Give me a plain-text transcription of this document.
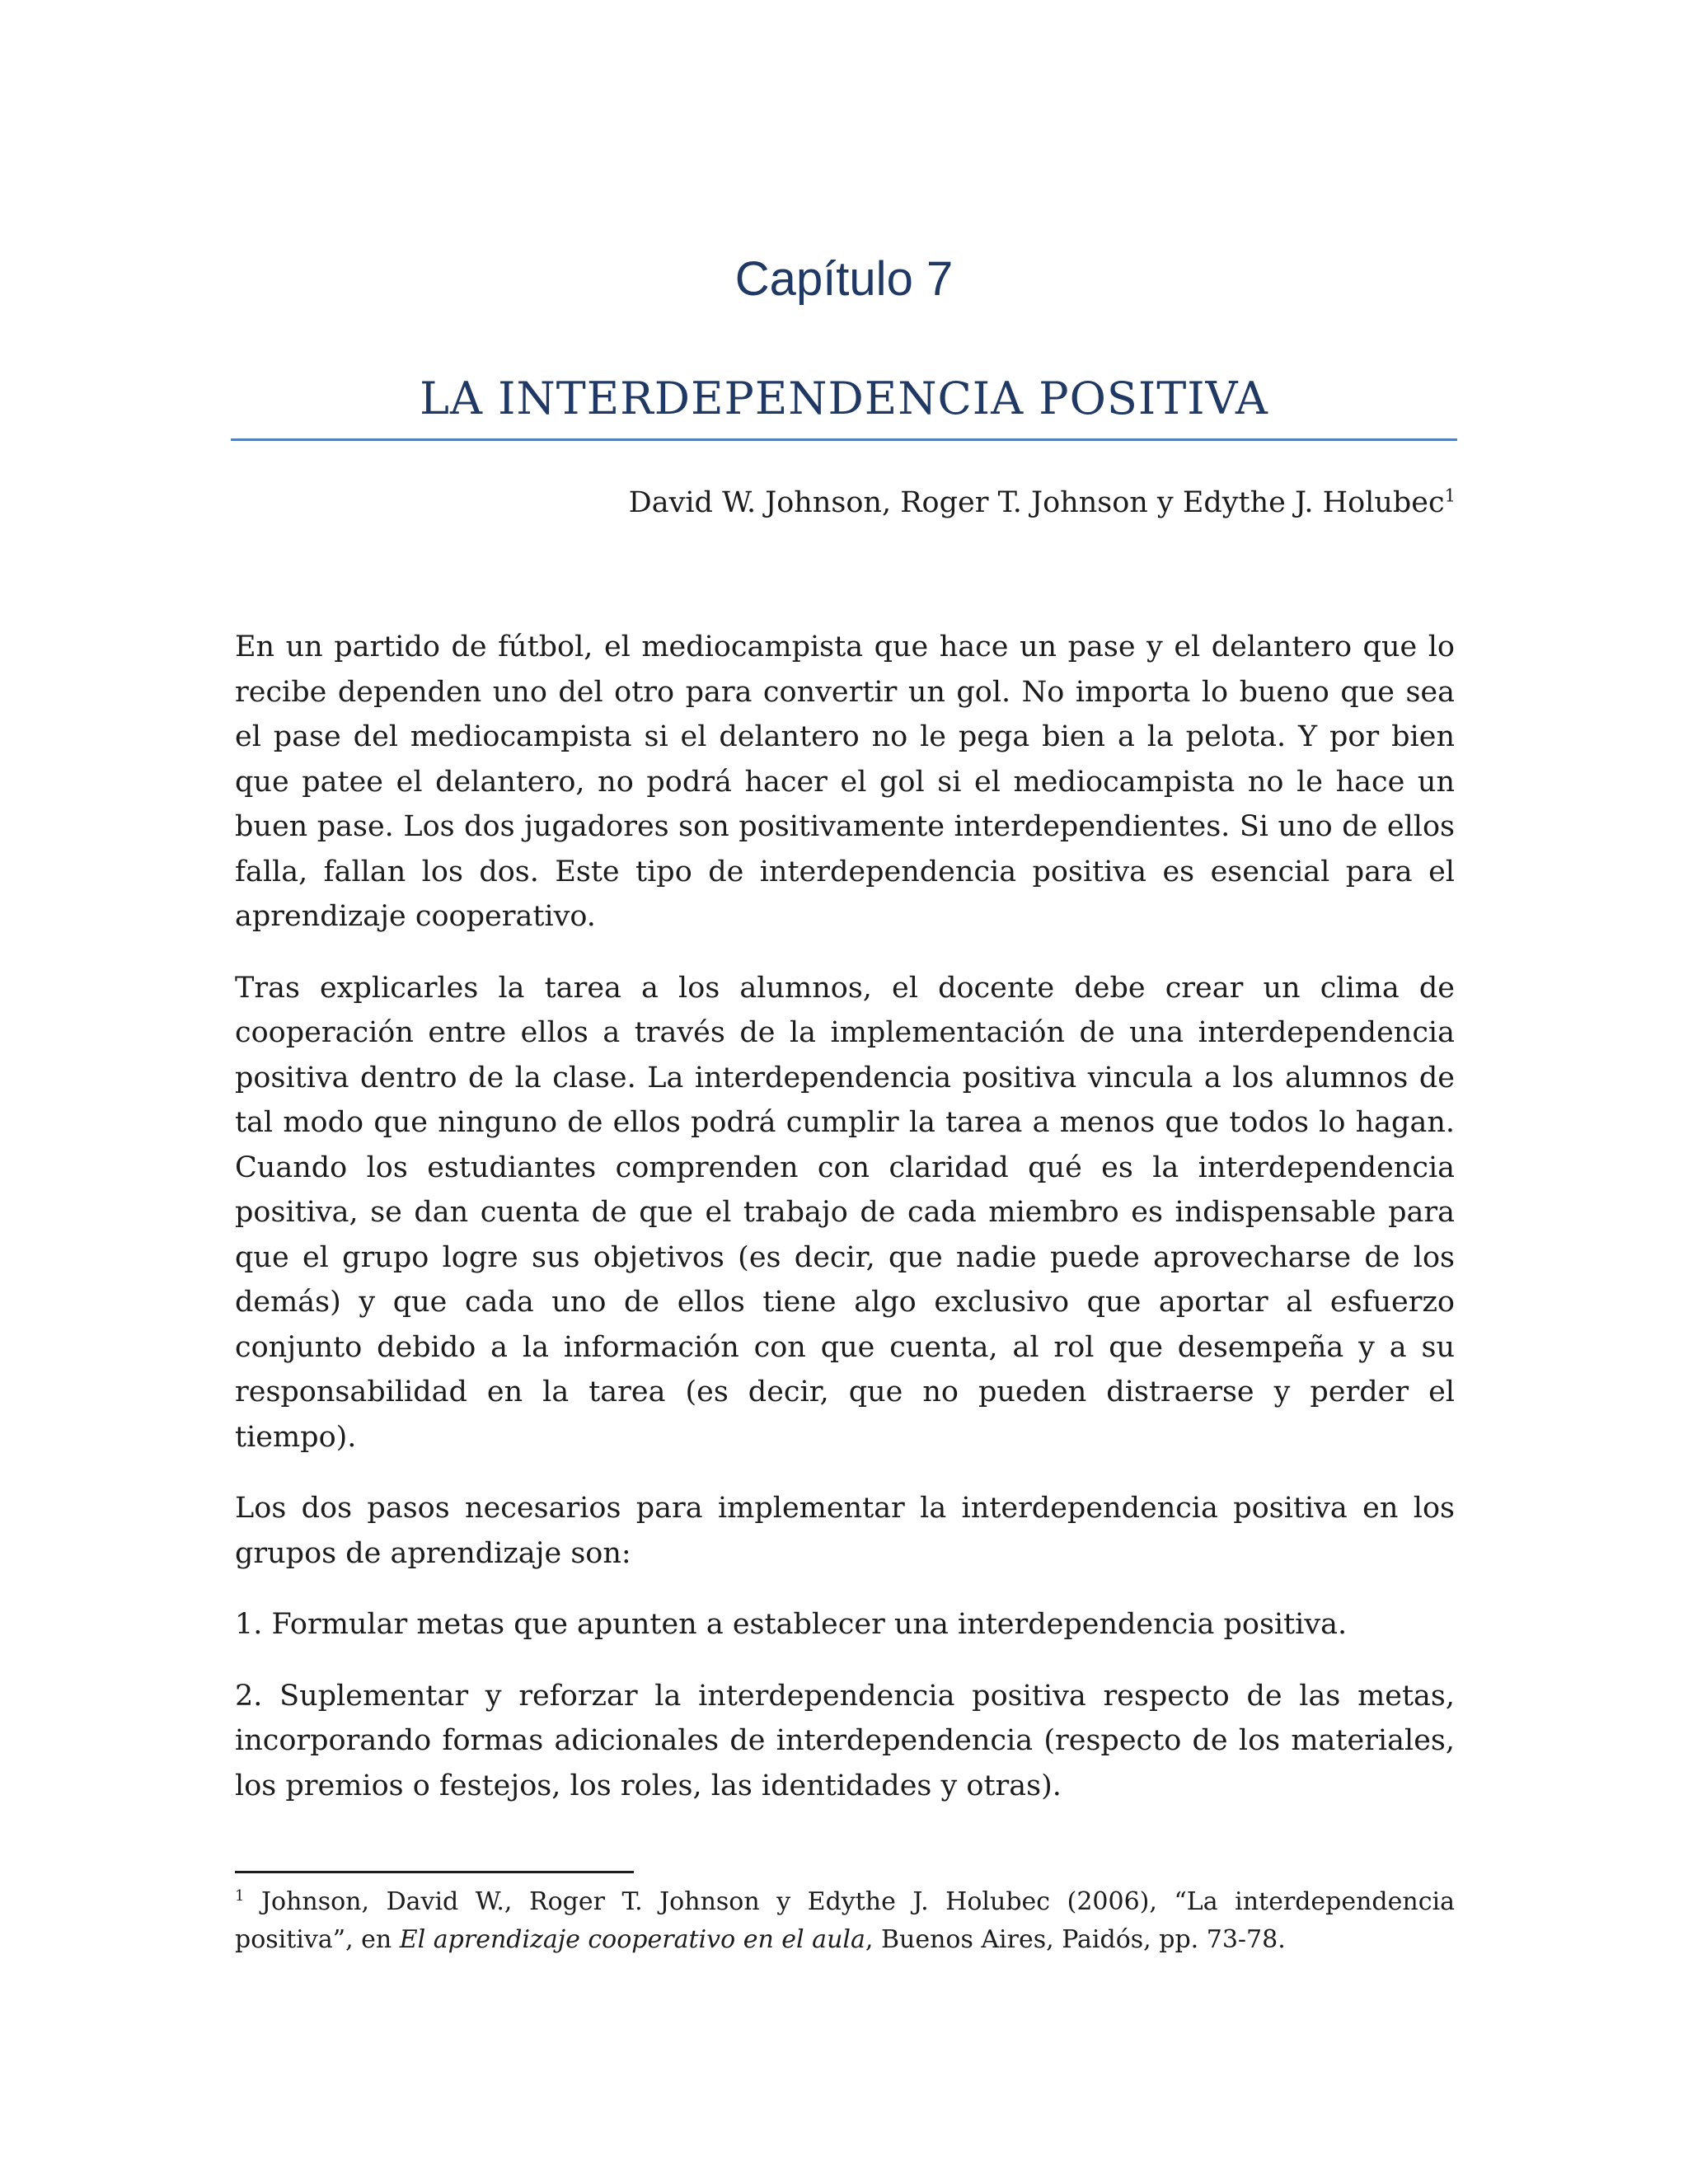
Capítulo 7
LA INTERDEPENDENCIA POSITIVA
David W. Johnson, Roger T. Johnson y Edythe J. Holubec$^1$

En un partido de fútbol, el mediocampista que hace un pase y el delantero que lo recibe dependen uno del otro para convertir un gol. No importa lo bueno que sea el pase del mediocampista si el delantero no le pega bien a la pelota. Y por bien que patee el delantero, no podrá hacer el gol si el mediocampista no le hace un buen pase. Los dos jugadores son positivamente interdependientes. Si uno de ellos falla, fallan los dos. Este tipo de interdependencia positiva es esencial para el aprendizaje cooperativo.

Tras explicarles la tarea a los alumnos, el docente debe crear un clima de cooperación entre ellos a través de la implementación de una interdependencia positiva dentro de la clase. La interdependencia positiva vincula a los alumnos de tal modo que ninguno de ellos podrá cumplir la tarea a menos que todos lo hagan. Cuando los estudiantes comprenden con claridad qué es la interdependencia positiva, se dan cuenta de que el trabajo de cada miembro es indispensable para que el grupo logre sus objetivos (es decir, que nadie puede aprovecharse de los demás) y que cada uno de ellos tiene algo exclusivo que aportar al esfuerzo conjunto debido a la información con que cuenta, al rol que desempeña y a su responsabilidad en la tarea (es decir, que no pueden distraerse y perder el tiempo).

Los dos pasos necesarios para implementar la interdependencia positiva en los grupos de aprendizaje son:

1. Formular metas que apunten a establecer una interdependencia positiva.

2. Suplementar y reforzar la interdependencia positiva respecto de las metas, incorporando formas adicionales de interdependencia (respecto de los materiales, los premios o festejos, los roles, las identidades y otras).

$^1$ Johnson, David W., Roger T. Johnson y Edythe J. Holubec (2006), “La interdependencia positiva”, en El aprendizaje cooperativo en el aula, Buenos Aires, Paidós, pp. 73-78.
